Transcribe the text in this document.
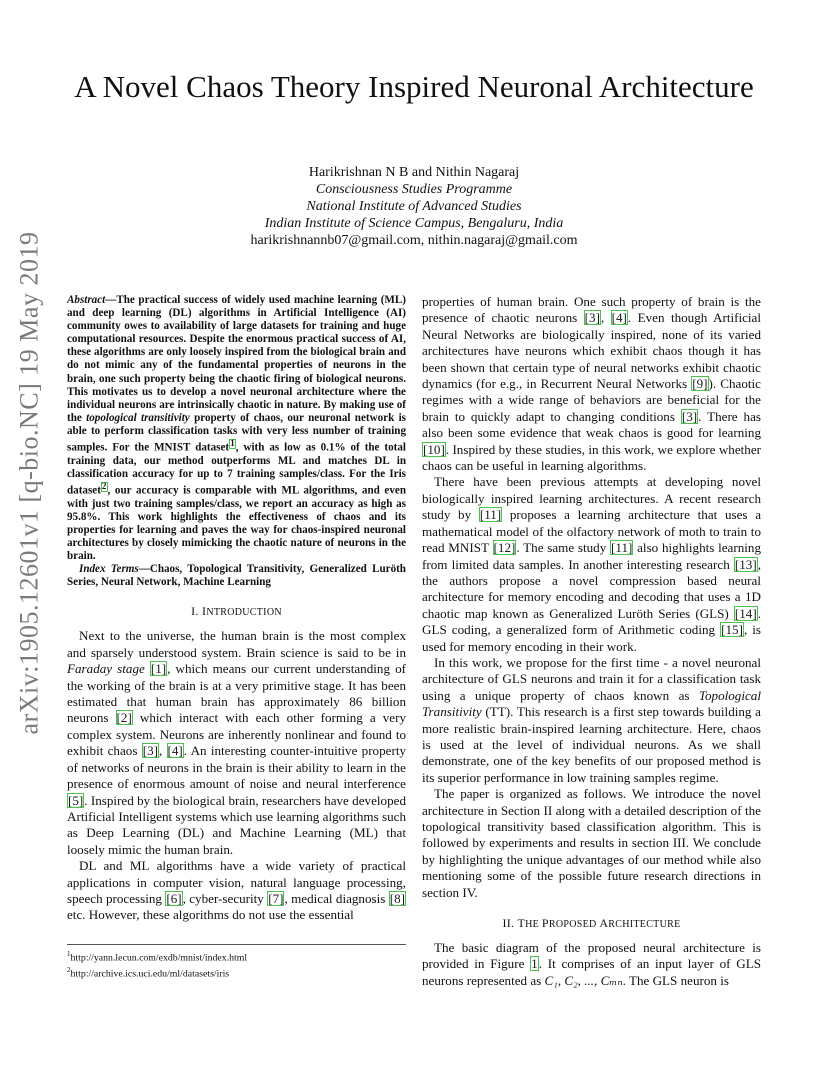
arXiv:1905.12601v1 [q-bio.NC] 19 May 2019
A Novel Chaos Theory Inspired Neuronal Architecture
Harikrishnan N B and Nithin Nagaraj
Consciousness Studies Programme
National Institute of Advanced Studies
Indian Institute of Science Campus, Bengaluru, India
harikrishnannb07@gmail.com, nithin.nagaraj@gmail.com

Abstract—The practical success of widely used machine learning (ML) and deep learning (DL) algorithms in Artificial Intelligence (AI) community owes to availability of large datasets for training and huge computational resources. Despite the enormous practical success of AI, these algorithms are only loosely inspired from the biological brain and do not mimic any of the fundamental properties of neurons in the brain, one such property being the chaotic firing of biological neurons. This motivates us to develop a novel neuronal architecture where the individual neurons are intrinsically chaotic in nature. By making use of the topological transitivity property of chaos, our neuronal network is able to perform classification tasks with very less number of training samples. For the MNIST dataset$^1$, with as low as 0.1% of the total training data, our method outperforms ML and matches DL in classification accuracy for up to 7 training samples/class. For the Iris dataset$^2$, our accuracy is comparable with ML algorithms, and even with just two training samples/class, we report an accuracy as high as 95.8%. This work highlights the effectiveness of chaos and its properties for learning and paves the way for chaos-inspired neuronal architectures by closely mimicking the chaotic nature of neurons in the brain.

Index Terms—Chaos, Topological Transitivity, Generalized Luröth Series, Neural Network, Machine Learning

I. INTRODUCTION

Next to the universe, the human brain is the most complex and sparsely understood system. Brain science is said to be in Faraday stage [1], which means our current understanding of the working of the brain is at a very primitive stage. It has been estimated that human brain has approximately 86 billion neurons [2] which interact with each other forming a very complex system. Neurons are inherently nonlinear and found to exhibit chaos [3], [4]. An interesting counter-intuitive property of networks of neurons in the brain is their ability to learn in the presence of enormous amount of noise and neural interference [5]. Inspired by the biological brain, researchers have developed Artificial Intelligent systems which use learning algorithms such as Deep Learning (DL) and Machine Learning (ML) that loosely mimic the human brain.

DL and ML algorithms have a wide variety of practical applications in computer vision, natural language processing, speech processing [6], cyber-security [7], medical diagnosis [8] etc. However, these algorithms do not use the essential

properties of human brain. One such property of brain is the presence of chaotic neurons [3], [4]. Even though Artificial Neural Networks are biologically inspired, none of its varied architectures have neurons which exhibit chaos though it has been shown that certain type of neural networks exhibit chaotic dynamics (for e.g., in Recurrent Neural Networks [9]). Chaotic regimes with a wide range of behaviors are beneficial for the brain to quickly adapt to changing conditions [3]. There has also been some evidence that weak chaos is good for learning [10]. Inspired by these studies, in this work, we explore whether chaos can be useful in learning algorithms.

There have been previous attempts at developing novel biologically inspired learning architectures. A recent research study by [11] proposes a learning architecture that uses a mathematical model of the olfactory network of moth to train to read MNIST [12]. The same study [11] also highlights learning from limited data samples. In another interesting research [13], the authors propose a novel compression based neural architecture for memory encoding and decoding that uses a 1D chaotic map known as Generalized Luröth Series (GLS) [14]. GLS coding, a generalized form of Arithmetic coding [15], is used for memory encoding in their work.

In this work, we propose for the first time - a novel neuronal architecture of GLS neurons and train it for a classification task using a unique property of chaos known as Topological Transitivity (TT). This research is a first step towards building a more realistic brain-inspired learning architecture. Here, chaos is used at the level of individual neurons. As we shall demonstrate, one of the key benefits of our proposed method is its superior performance in low training samples regime.

The paper is organized as follows. We introduce the novel architecture in Section II along with a detailed description of the topological transitivity based classification algorithm. This is followed by experiments and results in section III. We conclude by highlighting the unique advantages of our method while also mentioning some of the possible future research directions in section IV.

II. THE PROPOSED ARCHITECTURE

The basic diagram of the proposed neural architecture is provided in Figure 1. It comprises of an input layer of GLS neurons represented as C₁, C₂, ..., Cₘₙ. The GLS neuron is

$^1$http://yann.lecun.com/exdb/mnist/index.html
$^2$http://archive.ics.uci.edu/ml/datasets/iris
